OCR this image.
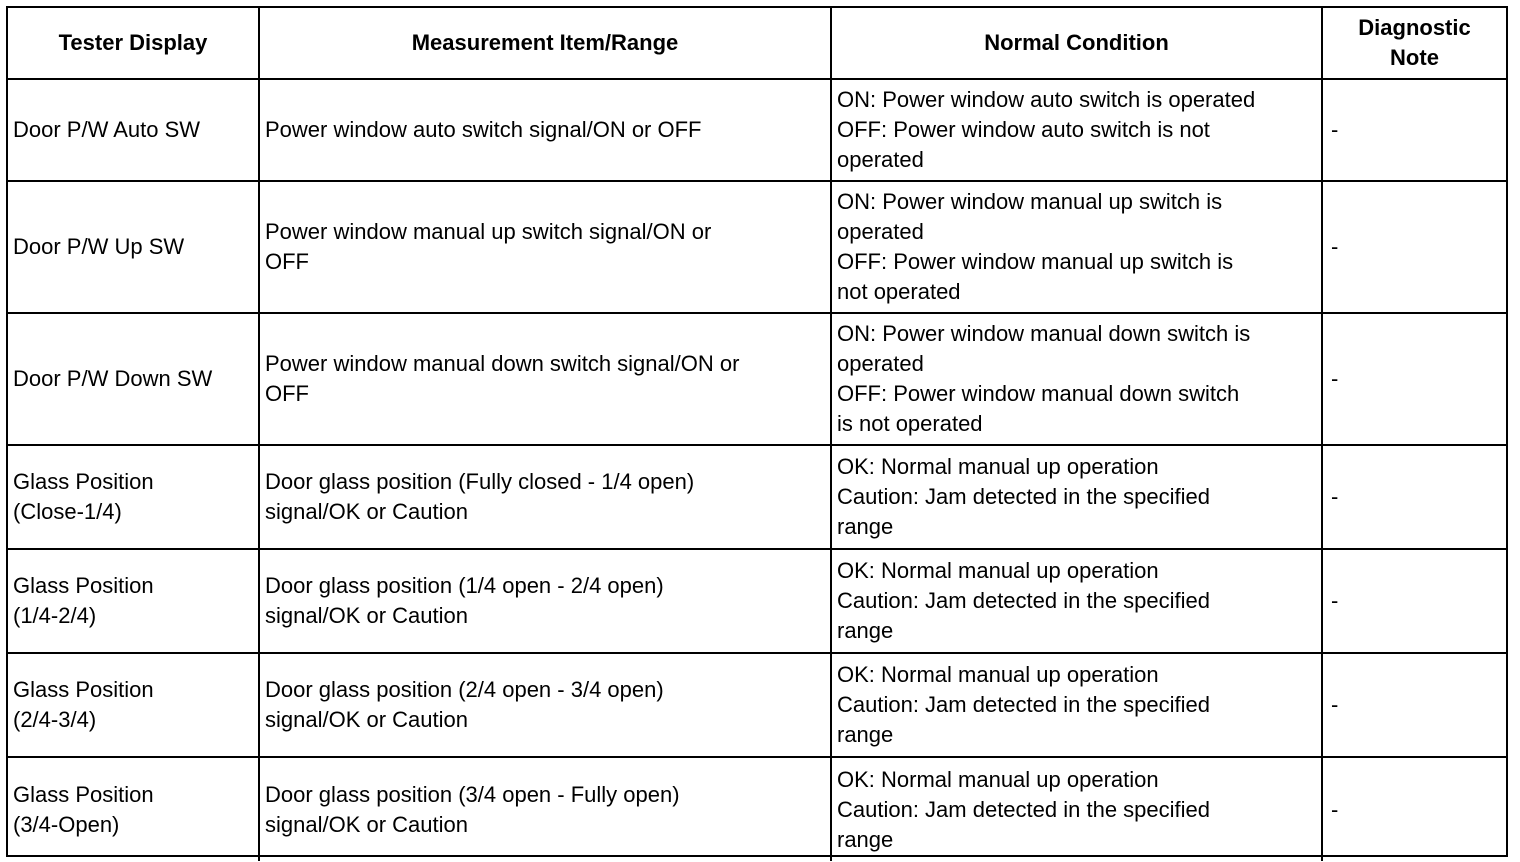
Tester Display	Measurement Item/Range	Normal Condition	Diagnostic
Note

Door P/W Auto SW	Power window auto switch signal/ON or OFF	ON: Power window auto switch is operated
OFF: Power window auto switch is not
operated	-

Door P/W Up SW	Power window manual up switch signal/ON or
OFF	ON: Power window manual up switch is
operated
OFF: Power window manual up switch is
not operated	-

Door P/W Down SW	Power window manual down switch signal/ON or
OFF	ON: Power window manual down switch is
operated
OFF: Power window manual down switch
is not operated	-

Glass Position
(Close-1/4)	Door glass position (Fully closed - 1/4 open)
signal/OK or Caution	OK: Normal manual up operation
Caution: Jam detected in the specified
range	-

Glass Position
(1/4-2/4)	Door glass position (1/4 open - 2/4 open)
signal/OK or Caution	OK: Normal manual up operation
Caution: Jam detected in the specified
range	-

Glass Position
(2/4-3/4)	Door glass position (2/4 open - 3/4 open)
signal/OK or Caution	OK: Normal manual up operation
Caution: Jam detected in the specified
range	-

Glass Position
(3/4-Open)	Door glass position (3/4 open - Fully open)
signal/OK or Caution	OK: Normal manual up operation
Caution: Jam detected in the specified
range	-
